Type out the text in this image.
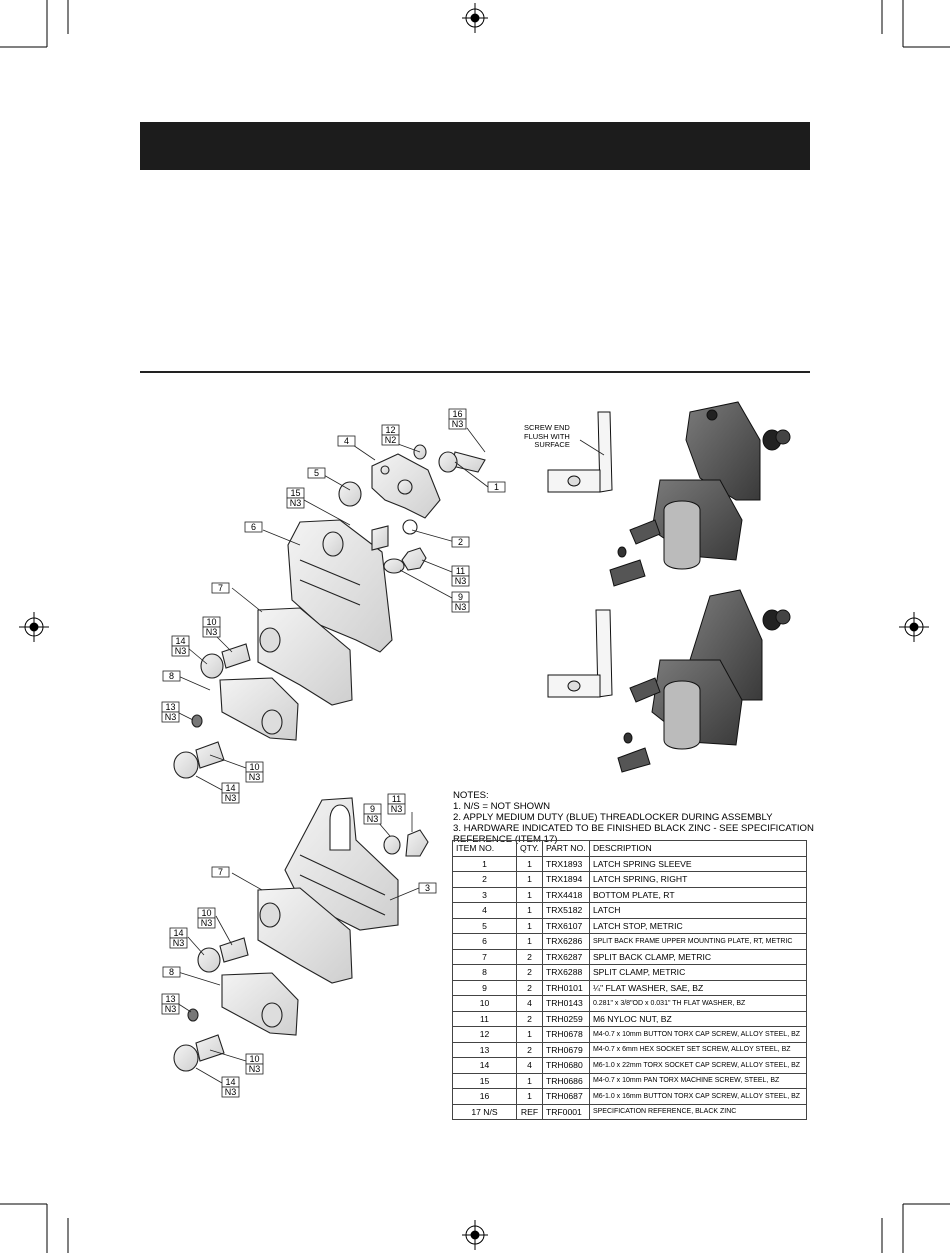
16
N3
12
N2
4
5
15
N3
6
1
2
11
N3
9
N3
7
10
N3
14
N3
8
13
N3
10
N3
14
N3	11
N3
9
N3
7
3
10
N3
14
N3
8
13
N3
10
N3
14
N3
SCREW END
FLUSH WITH
SURFACE
NOTES:
1. N/S = NOT SHOWN
2. APPLY MEDIUM DUTY (BLUE) THREADLOCKER DURING ASSEMBLY
3. HARDWARE INDICATED TO BE FINISHED BLACK ZINC - SEE SPECIFICATION
REFERENCE (ITEM 17)
ITEM NO.	QTY.	PART NO.	DESCRIPTION
1	1	TRX1893	LATCH SPRING SLEEVE
2	1	TRX1894	LATCH SPRING, RIGHT
3	1	TRX4418	BOTTOM PLATE, RT
4	1	TRX5182	LATCH
5	1	TRX6107	LATCH STOP, METRIC
6	1	TRX6286	SPLIT BACK FRAME UPPER MOUNTING PLATE, RT, METRIC
7	2	TRX6287	SPLIT BACK CLAMP, METRIC
8	2	TRX6288	SPLIT CLAMP, METRIC
9	2	TRH0101	¼" FLAT WASHER, SAE, BZ
10	4	TRH0143	0.281" x 3/8"OD x 0.031" TH FLAT WASHER, BZ
11	2	TRH0259	M6 NYLOC NUT, BZ
12	1	TRH0678	M4-0.7 x 10mm BUTTON TORX CAP SCREW, ALLOY STEEL, BZ
13	2	TRH0679	M4-0.7 x 6mm HEX SOCKET SET SCREW, ALLOY STEEL, BZ
14	4	TRH0680	M6-1.0 x 22mm TORX SOCKET CAP SCREW, ALLOY STEEL, BZ
15	1	TRH0686	M4-0.7 x 10mm PAN TORX MACHINE SCREW, STEEL, BZ
16	1	TRH0687	M6-1.0 x 16mm BUTTON TORX CAP SCREW, ALLOY STEEL, BZ
17 N/S	REF	TRF0001	SPECIFICATION REFERENCE, BLACK ZINC
